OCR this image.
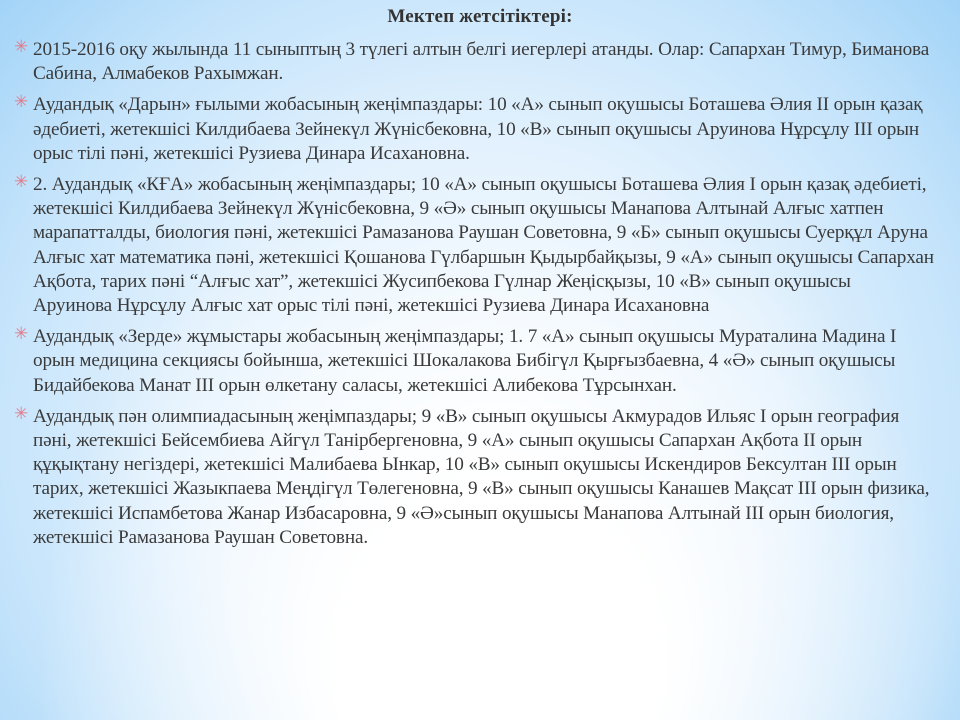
Мектеп жетсітіктері:
✳ 2015-2016 оқу жылында 11 сыныптың 3 түлегі алтын белгі иегерлері атанды. Олар: Сапархан Тимур, Биманова Сабина, Алмабеков Рахымжан.
✳ Аудандық «Дарын» ғылыми жобасының жеңімпаздары: 10 «А» сынып оқушысы Боташева Әлия II орын қазақ әдебиеті, жетекшісі Килдибаева Зейнекүл Жүнісбековна, 10 «В» сынып оқушысы Аруинова Нұрсұлу III орын орыс тілі пәні, жетекшісі Рузиева Динара Исахановна.
✳ 2. Аудандық «КҒА» жобасының жеңімпаздары; 10 «А» сынып оқушысы Боташева Әлия I орын қазақ әдебиеті, жетекшісі Килдибаева Зейнекүл Жүнісбековна, 9 «Ә» сынып оқушысы Манапова Алтынай Алғыс хатпен марапатталды, биология пәні, жетекшісі Рамазанова Раушан Советовна, 9 «Б» сынып оқушысы Суерқұл Аруна Алғыс хат математика пәні, жетекшісі Қошанова Гүлбаршын Қыдырбайқызы, 9 «А» сынып оқушысы Сапархан Ақбота, тарих пәні “Алғыс хат”, жетекшісі Жусипбекова Гүлнар Жеңісқызы, 10 «В» сынып оқушысы Аруинова Нұрсұлу Алғыс хат орыс тілі пәні, жетекшісі Рузиева Динара Исахановна
✳ Аудандық «Зерде» жұмыстары жобасының жеңімпаздары; 1. 7 «А» сынып оқушысы Мураталина Мадина I орын медицина секциясы бойынша, жетекшісі Шокалакова Бибігүл Қырғызбаевна, 4 «Ә» сынып оқушысы Бидайбекова Манат III орын өлкетану саласы, жетекшісі Алибекова Тұрсынхан.
✳ Аудандық пән олимпиадасының жеңімпаздары; 9 «В» сынып оқушысы Акмурадов Ильяс I орын география пәні, жетекшісі Бейсембиева Айгүл Танірбергеновна, 9 «А» сынып оқушысы Сапархан Ақбота II орын құқықтану негіздері, жетекшісі Малибаева Ынкар, 10 «В» сынып оқушысы Искендиров Бексултан III орын тарих, жетекшісі Жазыкпаева Меңдігүл Төлегеновна, 9 «В» сынып оқушысы Канашев Мақсат III орын физика, жетекшісі Испамбетова Жанар Избасаровна, 9 «Ә»сынып оқушысы Манапова Алтынай III орын биология, жетекшісі Рамазанова Раушан Советовна.
